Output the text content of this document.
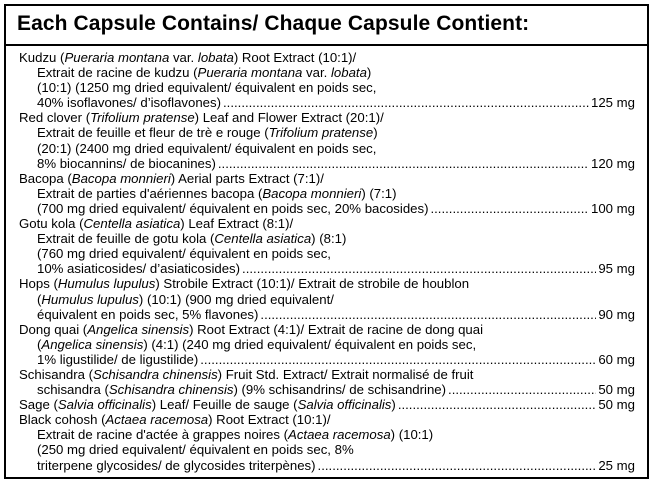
Each Capsule Contains/ Chaque Capsule Contient:
Kudzu (Pueraria montana var. lobata) Root Extract (10:1)/
Extrait de racine de kudzu (Pueraria montana var. lobata)
(10:1) (1250 mg dried equivalent/ équivalent en poids sec,
40% isoflavones/ d’isoflavones) .....	125 mg
Red clover (Trifolium pratense) Leaf and Flower Extract (20:1)/
Extrait de feuille et fleur de trè e rouge (Trifolium pratense)
(20:1) (2400 mg dried equivalent/ équivalent en poids sec,
8% biocannins/ de biocanines) .....	120 mg
Bacopa (Bacopa monnieri) Aerial parts Extract (7:1)/
Extrait de parties d'aériennes bacopa (Bacopa monnieri) (7:1)
(700 mg dried equivalent/ équivalent en poids sec, 20% bacosides) .....	100 mg
Gotu kola (Centella asiatica) Leaf Extract (8:1)/
Extrait de feuille de gotu kola (Centella asiatica) (8:1)
(760 mg dried equivalent/ équivalent en poids sec,
10% asiaticosides/ d’asiaticosides) .....	95 mg
Hops (Humulus lupulus) Strobile Extract (10:1)/ Extrait de strobile de houblon
(Humulus lupulus) (10:1) (900 mg dried equivalent/
équivalent en poids sec, 5% flavones) .....	90 mg
Dong quai (Angelica sinensis) Root Extract (4:1)/ Extrait de racine de dong quai
(Angelica sinensis) (4:1) (240 mg dried equivalent/ équivalent en poids sec,
1% ligustilide/ de ligustilide) .....	60 mg
Schisandra (Schisandra chinensis) Fruit Std. Extract/ Extrait normalisé de fruit
schisandra (Schisandra chinensis) (9% schisandrins/ de schisandrine) .....	50 mg
Sage (Salvia officinalis) Leaf/ Feuille de sauge (Salvia officinalis) .....	50 mg
Black cohosh (Actaea racemosa) Root Extract (10:1)/
Extrait de racine d'actée à grappes noires (Actaea racemosa) (10:1)
(250 mg dried equivalent/ équivalent en poids sec, 8%
triterpene glycosides/ de glycosides triterpènes) .....	25 mg
